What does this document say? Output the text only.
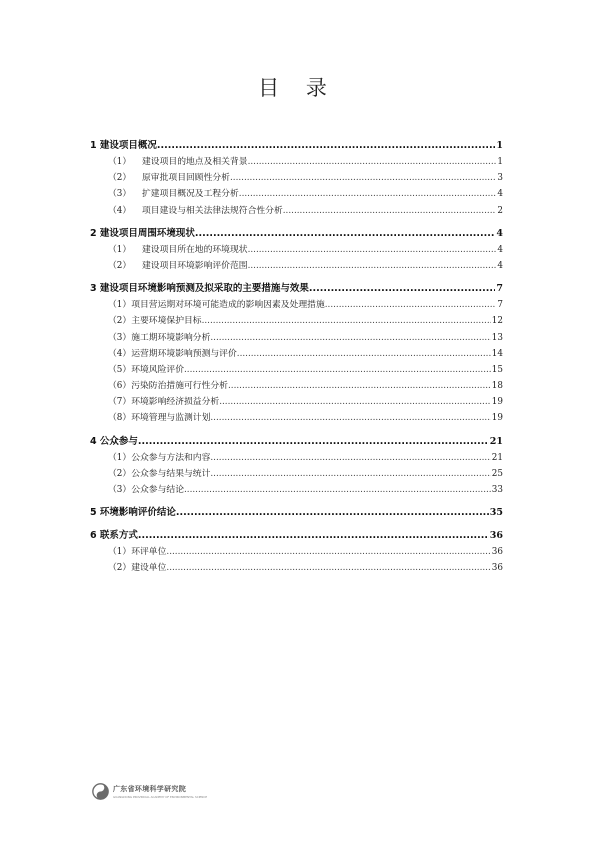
目 录
1 建设项目概况 .....	1
（1） 建设项目的地点及相关背景 .....	1
（2） 原审批项目回顾性分析 .....	3
（3） 扩建项目概况及工程分析 .....	4
（4） 项目建设与相关法律法规符合性分析 .....	2
2 建设项目周围环境现状 .....	4
（1） 建设项目所在地的环境现状 .....	4
（2） 建设项目环境影响评价范围 .....	4
3 建设项目环境影响预测及拟采取的主要措施与效果 .....	7
（1）项目营运期对环境可能造成的影响因素及处理措施 .....	7
（2）主要环境保护目标 .....	12
（3）施工期环境影响分析 .....	13
（4）运营期环境影响预测与评价 .....	14
（5）环境风险评价 .....	15
（6）污染防治措施可行性分析 .....	18
（7）环境影响经济损益分析 .....	19
（8）环境管理与监测计划 .....	19
4 公众参与 .....	21
（1）公众参与方法和内容 .....	21
（2）公众参与结果与统计 .....	25
（3）公众参与结论 .....	33
5 环境影响评价结论 .....	35
6 联系方式 .....	36
（1）环评单位 .....	36
（2）建设单位 .....	36
广东省环境科学研究院
GUANGDONG PROVINCIAL ACADEMY OF ENVIRONMENTAL SCIENCE
